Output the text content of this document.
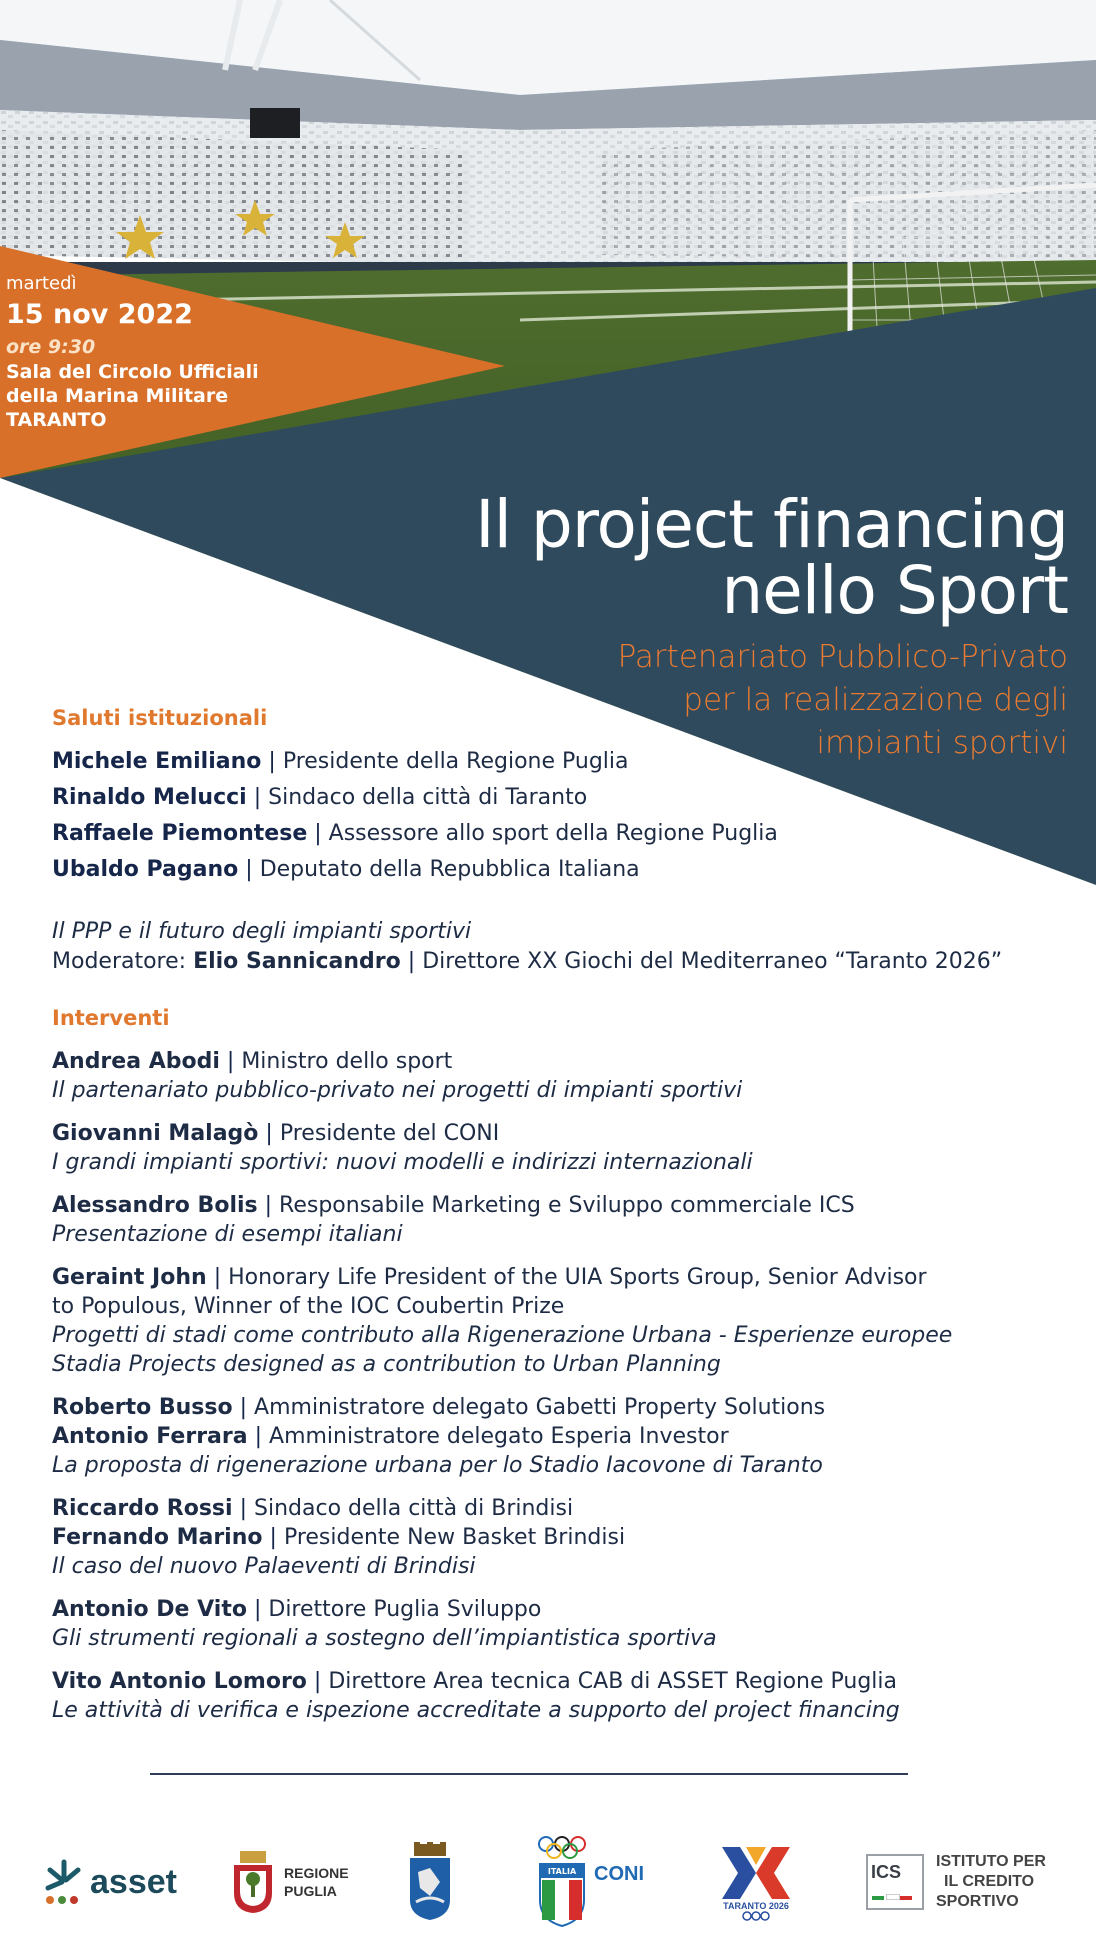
martedì
15 nov 2022
ore 9:30
Sala del Circolo Ufficiali
della Marina Militare
TARANTO
Il project financing
nello Sport
Partenariato Pubblico-Privato
per la realizzazione degli
impianti sportivi
Saluti istituzionali
Michele Emiliano | Presidente della Regione Puglia
Rinaldo Melucci | Sindaco della città di Taranto
Raffaele Piemontese | Assessore allo sport della Regione Puglia
Ubaldo Pagano | Deputato della Repubblica Italiana
Il PPP e il futuro degli impianti sportivi
Moderatore: Elio Sannicandro | Direttore XX Giochi del Mediterraneo “Taranto 2026”
Interventi
Andrea Abodi | Ministro dello sport
Il partenariato pubblico-privato nei progetti di impianti sportivi
Giovanni Malagò | Presidente del CONI
I grandi impianti sportivi: nuovi modelli e indirizzi internazionali
Alessandro Bolis | Responsabile Marketing e Sviluppo commerciale ICS
Presentazione di esempi italiani
Geraint John | Honorary Life President of the UIA Sports Group, Senior Advisor
to Populous, Winner of the IOC Coubertin Prize
Progetti di stadi come contributo alla Rigenerazione Urbana - Esperienze europee
Stadia Projects designed as a contribution to Urban Planning
Roberto Busso | Amministratore delegato Gabetti Property Solutions
Antonio Ferrara | Amministratore delegato Esperia Investor
La proposta di rigenerazione urbana per lo Stadio Iacovone di Taranto
Riccardo Rossi | Sindaco della città di Brindisi
Fernando Marino | Presidente New Basket Brindisi
Il caso del nuovo Palaeventi di Brindisi
Antonio De Vito | Direttore Puglia Sviluppo
Gli strumenti regionali a sostegno dell’impiantistica sportiva
Vito Antonio Lomoro | Direttore Area tecnica CAB di ASSET Regione Puglia
Le attività di verifica e ispezione accreditate a supporto del project financing
asset	REGIONE
PUGLIA
ITALIA CONI
TARANTO 2026
ICS
ISTITUTO PER
IL CREDITO
SPORTIVO
